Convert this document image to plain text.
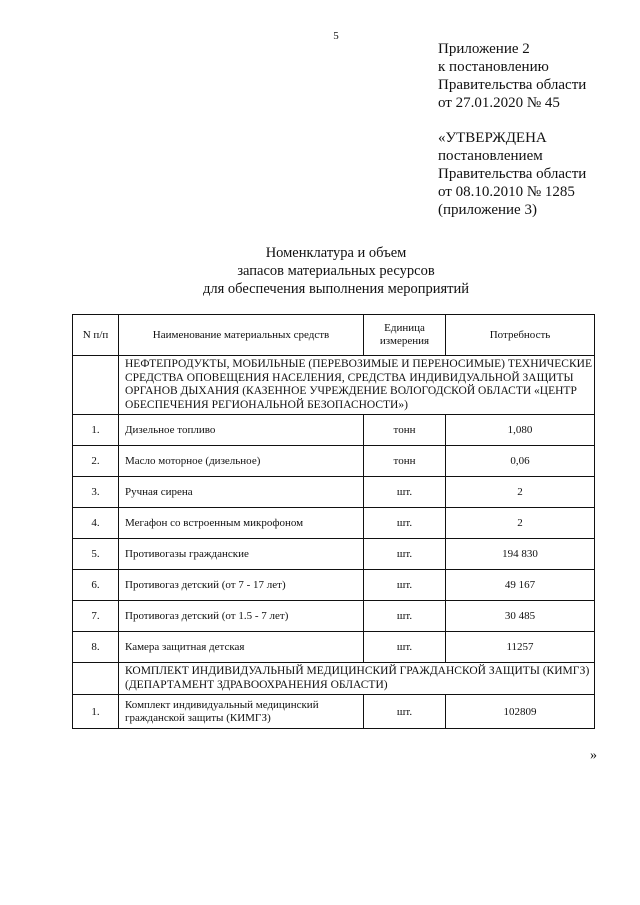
5
Приложение 2
к постановлению
Правительства области
от 27.01.2020 № 45
«УТВЕРЖДЕНА
постановлением
Правительства области
от 08.10.2010 № 1285
(приложение 3)
Номенклатура и объем
запасов материальных ресурсов
для обеспечения выполнения мероприятий
N п/п	Наименование материальных средств	Единица измерения	Потребность
	НЕФТЕПРОДУКТЫ, МОБИЛЬНЫЕ (ПЕРЕВОЗИМЫЕ И ПЕРЕНОСИМЫЕ) ТЕХНИЧЕСКИЕ СРЕДСТВА ОПОВЕЩЕНИЯ НАСЕЛЕНИЯ, СРЕДСТВА ИНДИВИДУАЛЬНОЙ ЗАЩИТЫ ОРГАНОВ ДЫХАНИЯ (КАЗЕННОЕ УЧРЕЖДЕНИЕ ВОЛОГОДСКОЙ ОБЛАСТИ «ЦЕНТР ОБЕСПЕЧЕНИЯ РЕГИОНАЛЬНОЙ БЕЗОПАСНОСТИ»)		
1.	Дизельное топливо	тонн	1,080
2.	Масло моторное (дизельное)	тонн	0,06
3.	Ручная сирена	шт.	2
4.	Мегафон со встроенным микрофоном	шт.	2
5.	Противогазы гражданские	шт.	194 830
6.	Противогаз детский (от 7 - 17 лет)	шт.	49 167
7.	Противогаз детский (от 1.5 - 7 лет)	шт.	30 485
8.	Камера защитная детская	шт.	11257
	КОМПЛЕКТ ИНДИВИДУАЛЬНЫЙ МЕДИЦИНСКИЙ ГРАЖДАНСКОЙ ЗАЩИТЫ (КИМГЗ) (ДЕПАРТАМЕНТ ЗДРАВООХРАНЕНИЯ ОБЛАСТИ)		
1.	Комплект индивидуальный медицинский гражданской защиты (КИМГЗ)	шт.	102809
»
